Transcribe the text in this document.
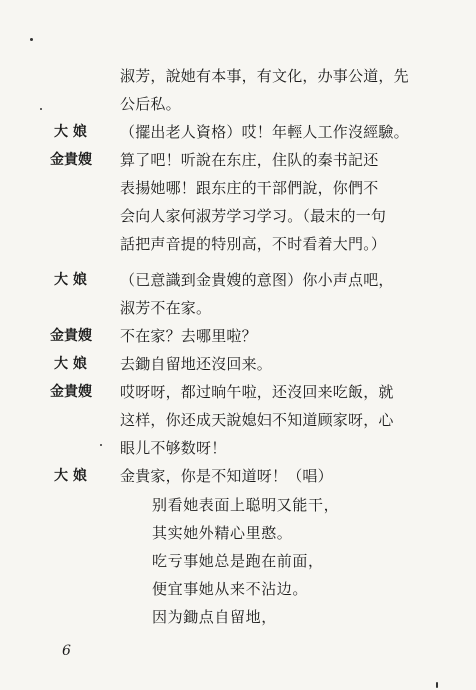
淑芳，說她有本事，有文化，办事公道，先
公后私。
大 娘 （擺出老人資格）哎！年輕人工作沒經驗。
金貴嫂 算了吧！听說在东庄，住队的秦书記还
表揚她哪！跟东庄的干部們說，你們不
会向人家何淑芳学习学习。（最末的一句
話把声音提的特別高，不时看着大門。）
大 娘 （已意識到金貴嫂的意图）你小声点吧，
淑芳不在家。
金貴嫂 不在家？去哪里啦？
大 娘 去鋤自留地还沒回来。
金貴嫂 哎呀呀，都过晌午啦，还沒回来吃飯，就
这样，你还成天說媳妇不知道顾家呀，心
眼儿不够数呀！
大 娘 金貴家，你是不知道呀！（唱）
别看她表面上聪明又能干，
其实她外精心里憨。
吃亏事她总是跑在前面，
便宜事她从来不沾边。
因为鋤点自留地，
6
